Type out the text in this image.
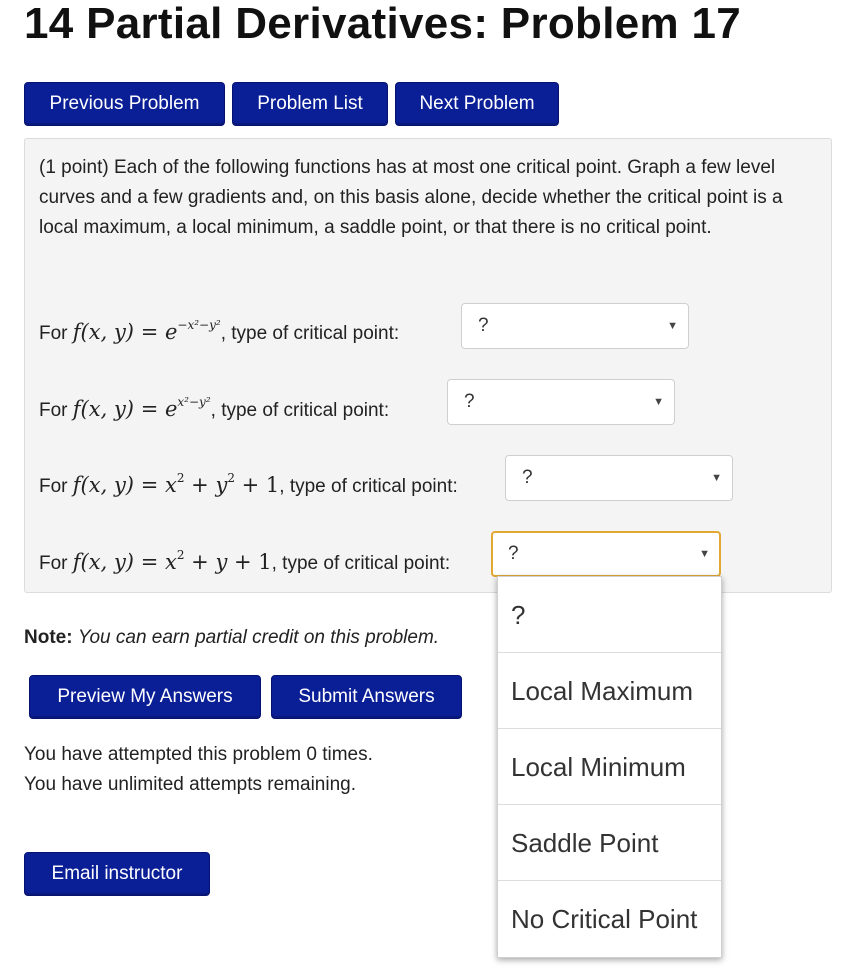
14 Partial Derivatives: Problem 17
Previous Problem	Problem List	Next Problem
(1 point) Each of the following functions has at most one critical point. Graph a few level curves and a few gradients and, on this basis alone, decide whether the critical point is a local maximum, a local minimum, a saddle point, or that there is no critical point.
For f(x, $y) = e^{-x^2-y^2}$, type of critical point:	?	▼
For f(x, $y) = e^{x^2-y^2}$, type of critical point:	?	▼
For f(x, $y) = x^2 + y^2 + 1$, type of critical point:	?	▼
For f(x, $y) = x^2 + y + 1$, type of critical point:	?	▼
Note: You can earn partial credit on this problem.
Preview My Answers	Submit Answers
You have attempted this problem 0 times.
You have unlimited attempts remaining.
Email instructor
?
Local Maximum
Local Minimum
Saddle Point
No Critical Point
